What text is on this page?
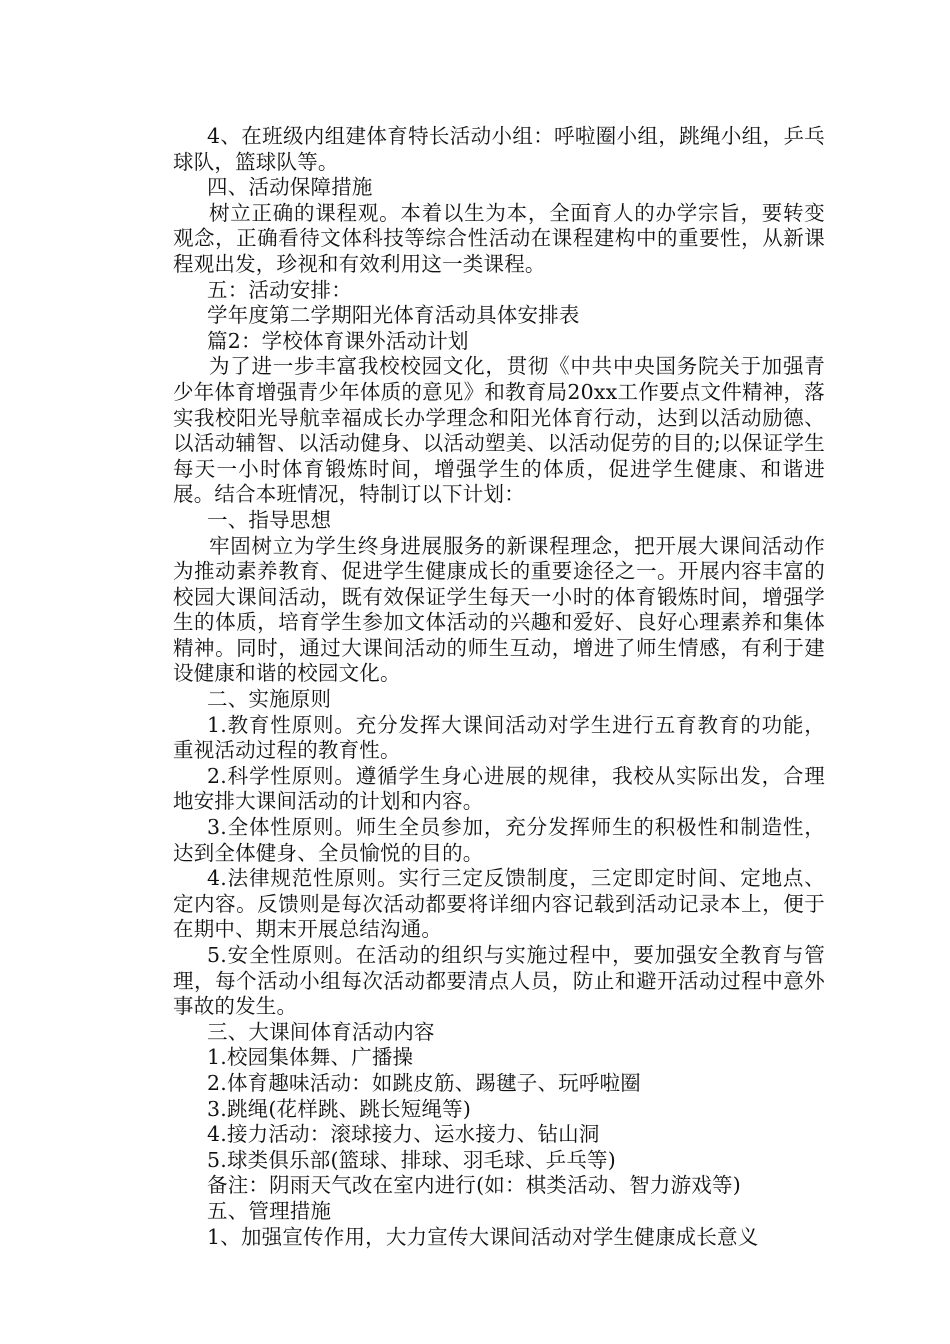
4、在班级内组建体育特长活动小组：呼啦圈小组，跳绳小组，乒乓球队，篮球队等。

四、活动保障措施

树立正确的课程观。本着以生为本，全面育人的办学宗旨，要转变观念，正确看待文体科技等综合性活动在课程建构中的重要性，从新课程观出发，珍视和有效利用这一类课程。

五：活动安排：

学年度第二学期阳光体育活动具体安排表

篇2：学校体育课外活动计划

为了进一步丰富我校校园文化，贯彻《中共中央国务院关于加强青少年体育增强青少年体质的意见》和教育局20xx工作要点文件精神，落实我校阳光导航幸福成长办学理念和阳光体育行动，达到以活动励德、以活动辅智、以活动健身、以活动塑美、以活动促劳的目的;以保证学生每天一小时体育锻炼时间，增强学生的体质，促进学生健康、和谐进展。结合本班情况，特制订以下计划：

一、指导思想

牢固树立为学生终身进展服务的新课程理念，把开展大课间活动作为推动素养教育、促进学生健康成长的重要途径之一。开展内容丰富的校园大课间活动，既有效保证学生每天一小时的体育锻炼时间，增强学生的体质，培育学生参加文体活动的兴趣和爱好、良好心理素养和集体精神。同时，通过大课间活动的师生互动，增进了师生情感，有利于建设健康和谐的校园文化。

二、实施原则

1.教育性原则。充分发挥大课间活动对学生进行五育教育的功能，重视活动过程的教育性。

2.科学性原则。遵循学生身心进展的规律，我校从实际出发，合理地安排大课间活动的计划和内容。

3.全体性原则。师生全员参加，充分发挥师生的积极性和制造性，达到全体健身、全员愉悦的目的。

4.法律规范性原则。实行三定反馈制度，三定即定时间、定地点、定内容。反馈则是每次活动都要将详细内容记载到活动记录本上，便于在期中、期末开展总结沟通。

5.安全性原则。在活动的组织与实施过程中，要加强安全教育与管理，每个活动小组每次活动都要清点人员，防止和避开活动过程中意外事故的发生。

三、大课间体育活动内容

1.校园集体舞、广播操

2.体育趣味活动：如跳皮筋、踢毽子、玩呼啦圈

3.跳绳(花样跳、跳长短绳等)

4.接力活动：滚球接力、运水接力、钻山洞

5.球类俱乐部(篮球、排球、羽毛球、乒乓等)

备注：阴雨天气改在室内进行(如：棋类活动、智力游戏等)

五、管理措施

1、加强宣传作用，大力宣传大课间活动对学生健康成长意义
